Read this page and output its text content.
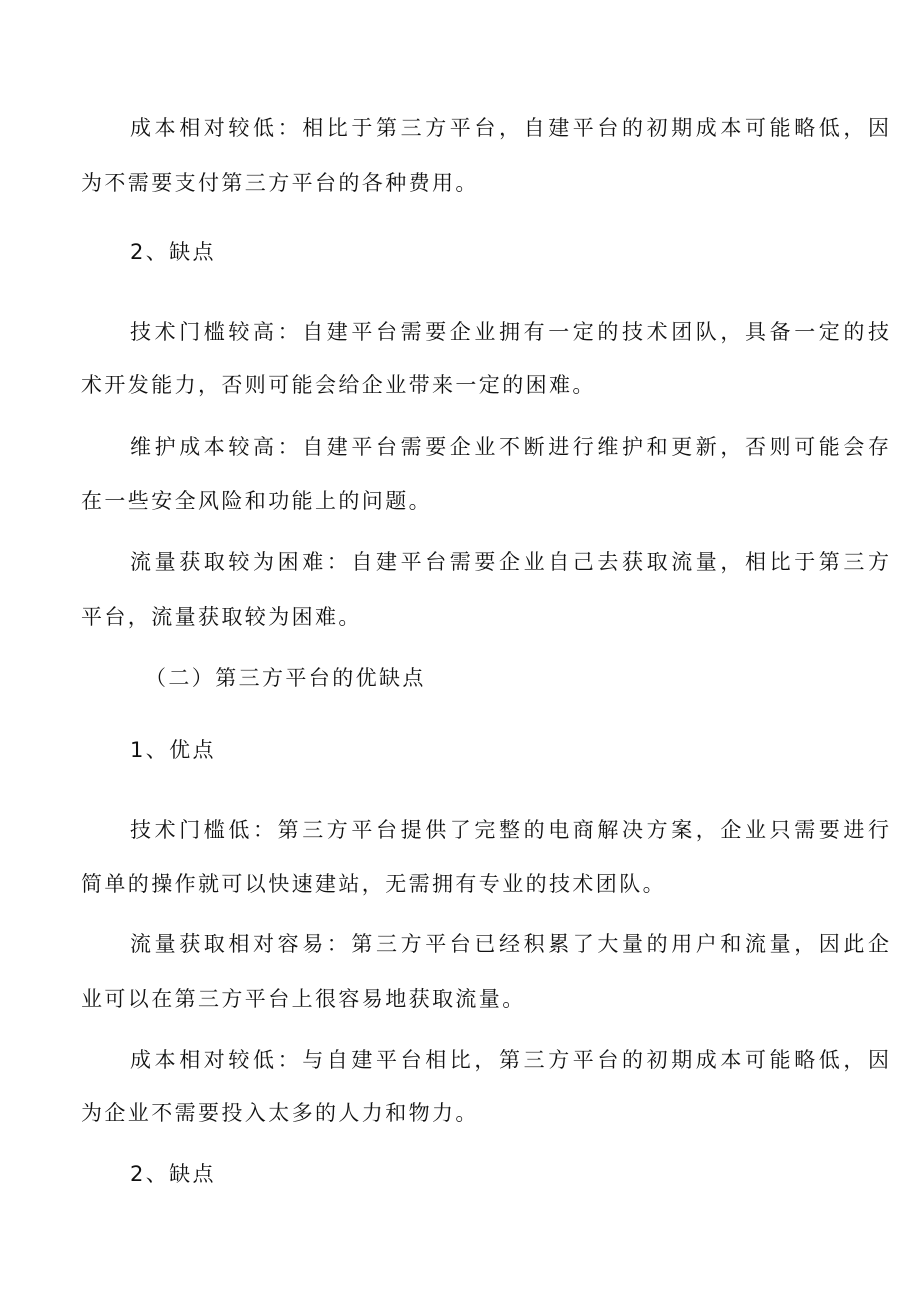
成本相对较低：相比于第三方平台，自建平台的初期成本可能略低，因
为不需要支付第三方平台的各种费用。
2、缺点
技术门槛较高：自建平台需要企业拥有一定的技术团队，具备一定的技
术开发能力，否则可能会给企业带来一定的困难。
维护成本较高：自建平台需要企业不断进行维护和更新，否则可能会存
在一些安全风险和功能上的问题。
流量获取较为困难：自建平台需要企业自己去获取流量，相比于第三方
平台，流量获取较为困难。
（二）第三方平台的优缺点
1、优点
技术门槛低：第三方平台提供了完整的电商解决方案，企业只需要进行
简单的操作就可以快速建站，无需拥有专业的技术团队。
流量获取相对容易：第三方平台已经积累了大量的用户和流量，因此企
业可以在第三方平台上很容易地获取流量。
成本相对较低：与自建平台相比，第三方平台的初期成本可能略低，因
为企业不需要投入太多的人力和物力。
2、缺点
